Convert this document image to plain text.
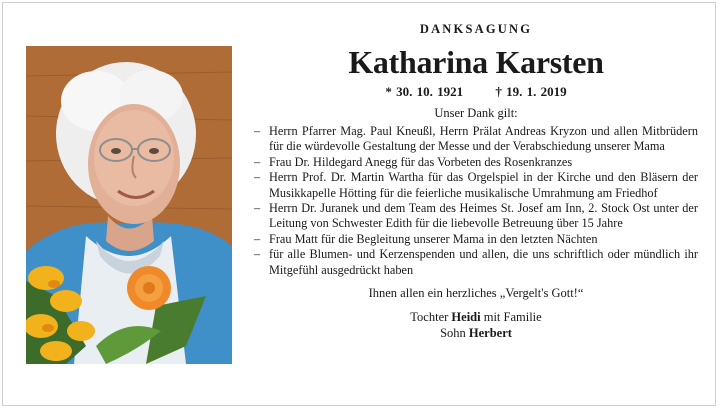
DANKSAGUNG
Katharina Karsten
* 30. 10. 1921 † 19. 1. 2019
Unser Dank gilt:
– Herrn Pfarrer Mag. Paul Kneußl, Herrn Prälat Andreas Kryzon und allen Mitbrüdern für die würdevolle Gestaltung der Messe und der Verabschiedung unserer Mama
– Frau Dr. Hildegard Anegg für das Vorbeten des Rosenkranzes
– Herrn Prof. Dr. Martin Wartha für das Orgelspiel in der Kirche und den Bläsern der Musikkapelle Hötting für die feierliche musikalische Umrahmung am Friedhof
– Herrn Dr. Juranek und dem Team des Heimes St. Josef am Inn, 2. Stock Ost unter der Leitung von Schwester Edith für die liebevolle Betreuung über 15 Jahre
– Frau Matt für die Begleitung unserer Mama in den letzten Nächten
– für alle Blumen- und Kerzenspenden und allen, die uns schriftlich oder mündlich ihr Mitgefühl ausgedrückt haben
Ihnen allen ein herzliches „Vergelt's Gott!“
Tochter Heidi mit Familie
Sohn Herbert
